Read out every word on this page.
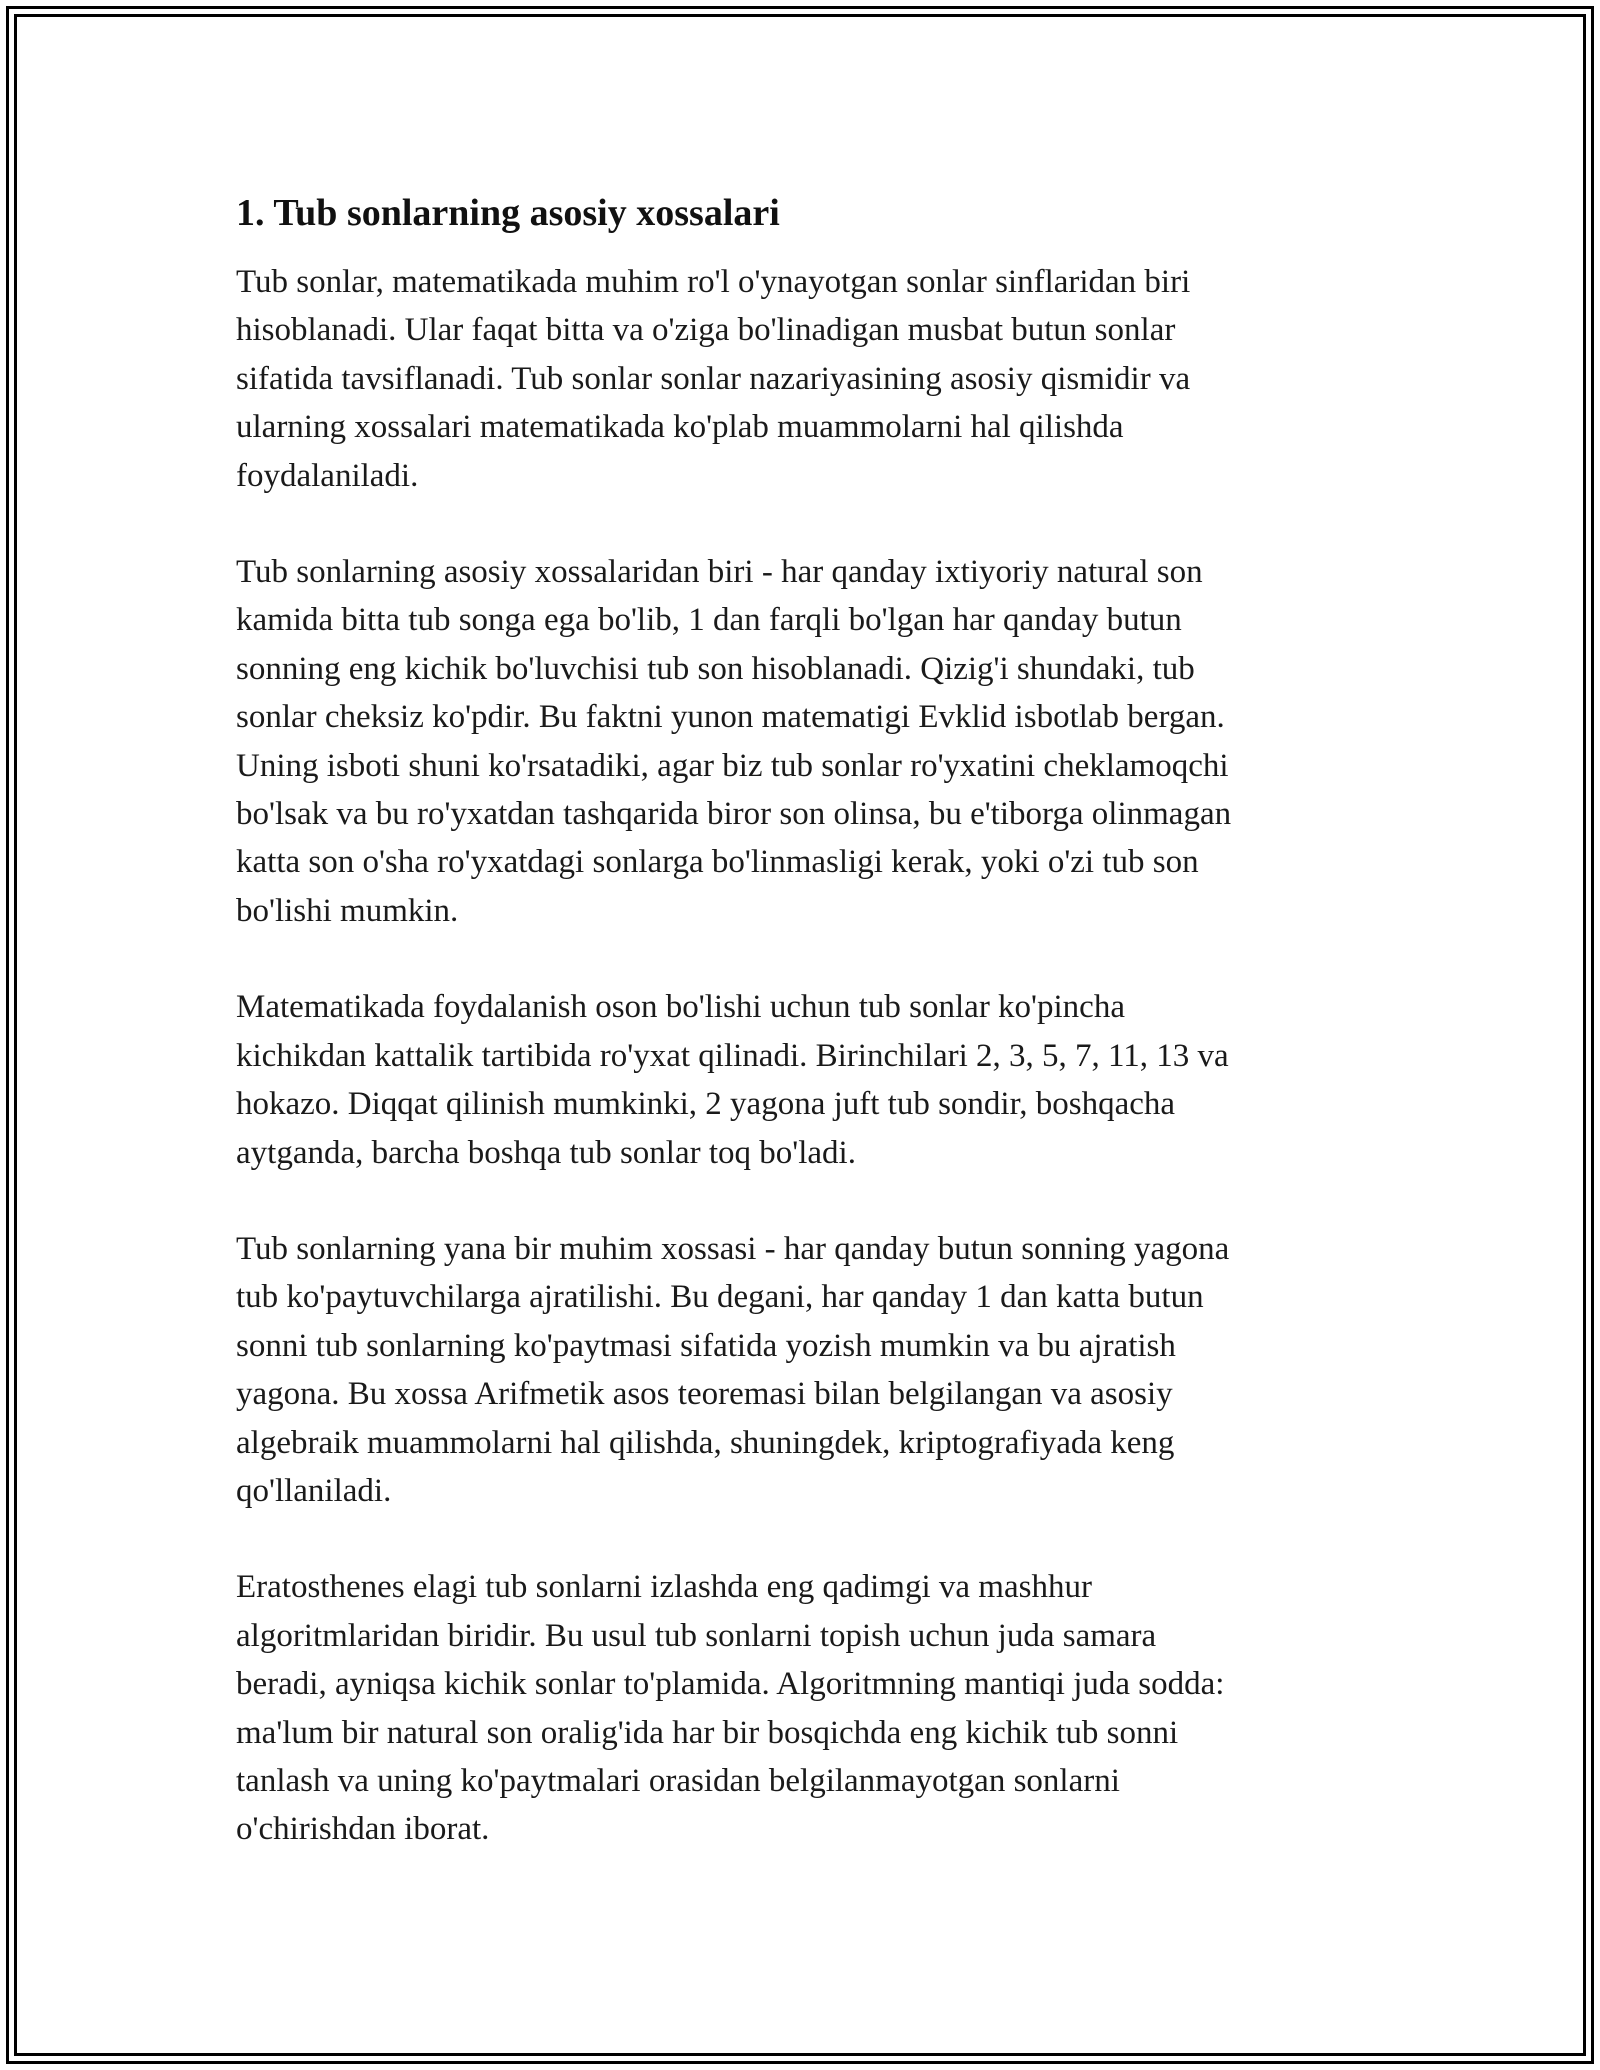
1. Tub sonlarning asosiy xossalari

Tub sonlar, matematikada muhim ro'l o'ynayotgan sonlar sinflaridan biri
hisoblanadi. Ular faqat bitta va o'ziga bo'linadigan musbat butun sonlar
sifatida tavsiflanadi. Tub sonlar sonlar nazariyasining asosiy qismidir va
ularning xossalari matematikada ko'plab muammolarni hal qilishda
foydalaniladi.

Tub sonlarning asosiy xossalaridan biri - har qanday ixtiyoriy natural son
kamida bitta tub songa ega bo'lib, 1 dan farqli bo'lgan har qanday butun
sonning eng kichik bo'luvchisi tub son hisoblanadi. Qizig'i shundaki, tub
sonlar cheksiz ko'pdir. Bu faktni yunon matematigi Evklid isbotlab bergan.
Uning isboti shuni ko'rsatadiki, agar biz tub sonlar ro'yxatini cheklamoqchi
bo'lsak va bu ro'yxatdan tashqarida biror son olinsa, bu e'tiborga olinmagan
katta son o'sha ro'yxatdagi sonlarga bo'linmasligi kerak, yoki o'zi tub son
bo'lishi mumkin.

Matematikada foydalanish oson bo'lishi uchun tub sonlar ko'pincha
kichikdan kattalik tartibida ro'yxat qilinadi. Birinchilari 2, 3, 5, 7, 11, 13 va
hokazo. Diqqat qilinish mumkinki, 2 yagona juft tub sondir, boshqacha
aytganda, barcha boshqa tub sonlar toq bo'ladi.

Tub sonlarning yana bir muhim xossasi - har qanday butun sonning yagona
tub ko'paytuvchilarga ajratilishi. Bu degani, har qanday 1 dan katta butun
sonni tub sonlarning ko'paytmasi sifatida yozish mumkin va bu ajratish
yagona. Bu xossa Arifmetik asos teoremasi bilan belgilangan va asosiy
algebraik muammolarni hal qilishda, shuningdek, kriptografiyada keng
qo'llaniladi.

Eratosthenes elagi tub sonlarni izlashda eng qadimgi va mashhur
algoritmlaridan biridir. Bu usul tub sonlarni topish uchun juda samara
beradi, ayniqsa kichik sonlar to'plamida. Algoritmning mantiqi juda sodda:
ma'lum bir natural son oralig'ida har bir bosqichda eng kichik tub sonni
tanlash va uning ko'paytmalari orasidan belgilanmayotgan sonlarni
o'chirishdan iborat.
